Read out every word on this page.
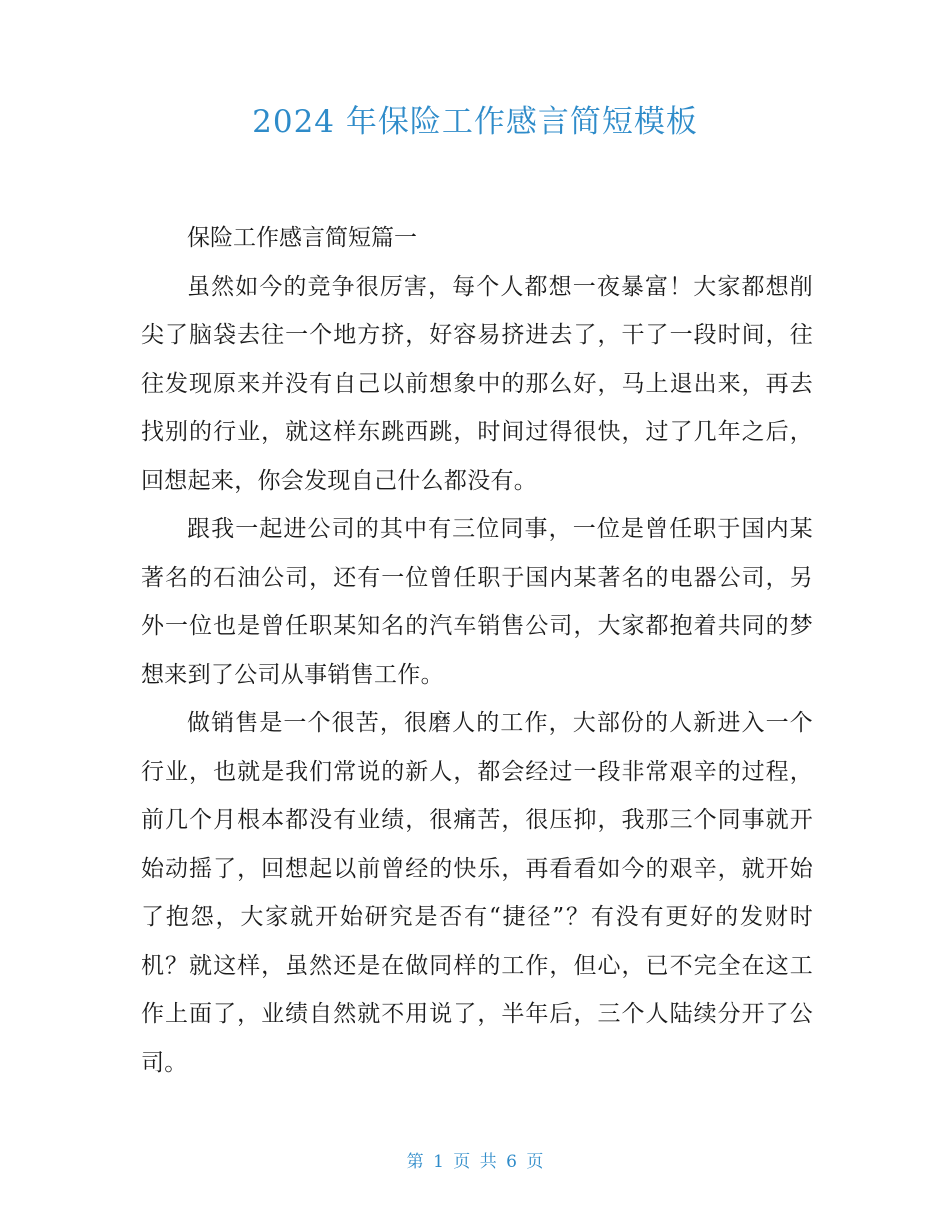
2024 年保险工作感言简短模板

保险工作感言简短篇一

虽然如今的竞争很厉害，每个人都想一夜暴富！大家都想削尖了脑袋去往一个地方挤，好容易挤进去了，干了一段时间，往往发现原来并没有自己以前想象中的那么好，马上退出来，再去找别的行业，就这样东跳西跳，时间过得很快，过了几年之后，回想起来，你会发现自己什么都没有。

跟我一起进公司的其中有三位同事，一位是曾任职于国内某著名的石油公司，还有一位曾任职于国内某著名的电器公司，另外一位也是曾任职某知名的汽车销售公司，大家都抱着共同的梦想来到了公司从事销售工作。

做销售是一个很苦，很磨人的工作，大部份的人新进入一个行业，也就是我们常说的新人，都会经过一段非常艰辛的过程，前几个月根本都没有业绩，很痛苦，很压抑，我那三个同事就开始动摇了，回想起以前曾经的快乐，再看看如今的艰辛，就开始了抱怨，大家就开始研究是否有“捷径”？有没有更好的发财时机？就这样，虽然还是在做同样的工作，但心，已不完全在这工作上面了，业绩自然就不用说了，半年后，三个人陆续分开了公司。

第 1 页 共 6 页
